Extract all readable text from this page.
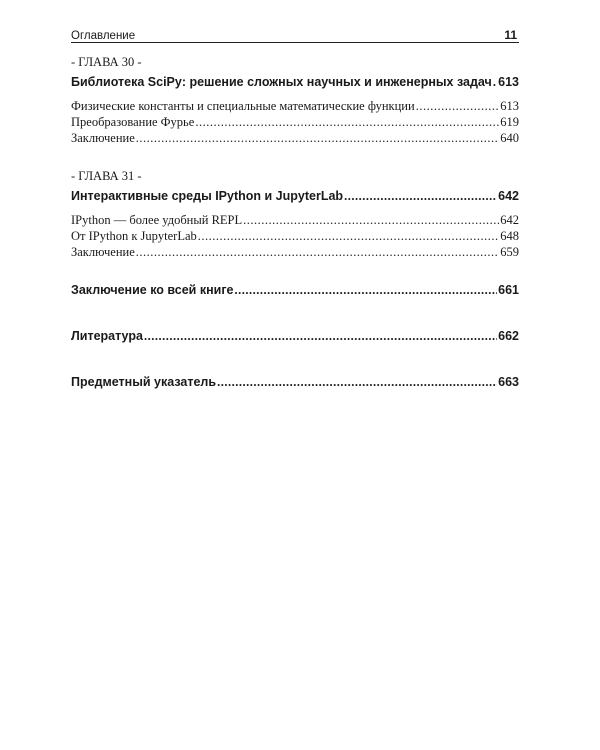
Оглавление	11
- ГЛАВА 30 -
Библиотека SciPy: решение сложных научных и инженерных задач ..... 613
Физические константы и специальные математические функции .....	613
Преобразование Фурье .....	619
Заключение .....	640
- ГЛАВА 31 -
Интерактивные среды IPython и JupyterLab .....	642
IPython — более удобный REPL .....	642
От IPython к JupyterLab .....	648
Заключение .....	659
Заключение ко всей книге .....	661
Литература .....	662
Предметный указатель .....	663
